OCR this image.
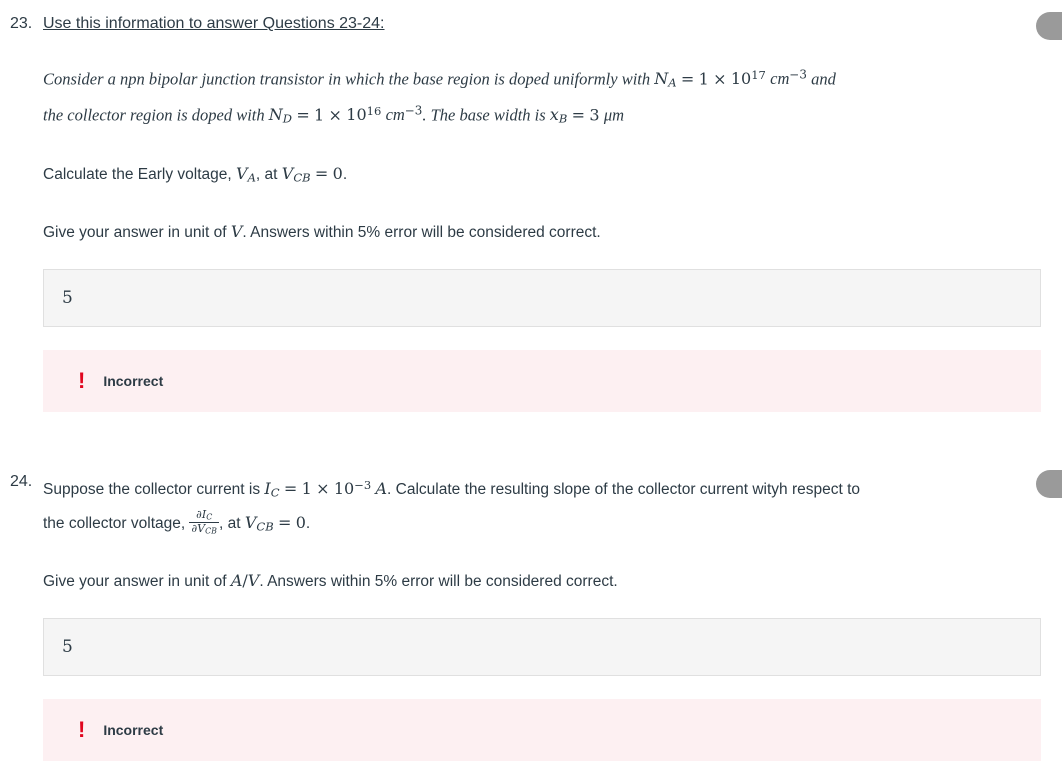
23. Use this information to answer Questions 23-24:
Consider a npn bipolar junction transistor in which the base region is doped uniformly with $N_A = 1 \times 10^{17}$ $cm^{-3}$ and
the collector region is doped with $N_D = 1 \times 10^{16}$ $cm^{-3}$. The base width is $x_B = 3$ μm
Calculate the Early voltage, $V_A$, at $V_{CB} = 0$.
Give your answer in unit of V. Answers within 5% error will be considered correct.
5
! Incorrect
24. Suppose the collector current is $I_C = 1 \times 10^{-3}$ A. Calculate the resulting slope of the collector current wityh respect to
the collector voltage, $\frac{\partial I_C}{\partial V_{CB}}$ , at $V_{CB} = 0$.
Give your answer in unit of A/V. Answers within 5% error will be considered correct.
5
! Incorrect
